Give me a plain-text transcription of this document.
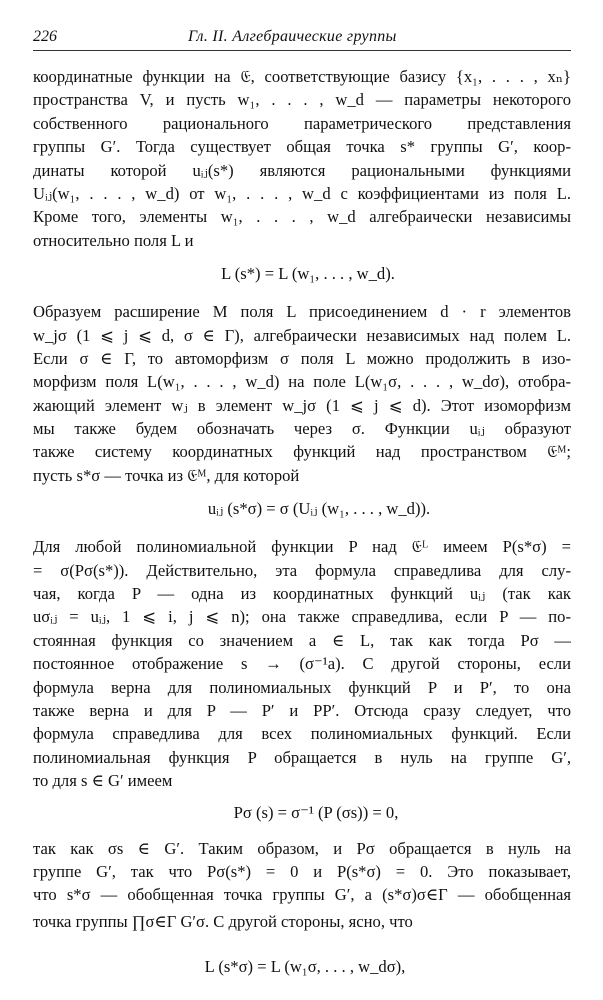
226	Гл. II. Алгебраические группы
координатные функции на 𝔈, соответствующие базису {x₁, . . . , xₙ}
пространства V, и пусть w₁, . . . , w_d — параметры некоторого
собственного рационального параметрического представления
группы G′. Тогда существует общая точка s* группы G′, коор-
динаты которой uᵢⱼ(s*) являются рациональными функциями
Uᵢⱼ(w₁, . . . , w_d) от w₁, . . . , w_d с коэффициентами из поля L.
Кроме того, элементы w₁, . . . , w_d алгебраически независимы
относительно поля L и
L (s*) = L (w₁, . . . , w_d).
Образуем расширение M поля L присоединением d · r элементов
w_jσ (1 ⩽ j ⩽ d, σ ∈ Γ), алгебраически независимых над полем L.
Если σ ∈ Γ, то автоморфизм σ поля L можно продолжить в изо-
морфизм поля L(w₁, . . . , w_d) на поле L(w₁σ, . . . , w_dσ), отобра-
жающий элемент wⱼ в элемент w_jσ (1 ⩽ j ⩽ d). Этот изоморфизм
мы также будем обозначать через σ. Функции uᵢⱼ образуют
также систему координатных функций над пространством 𝔈ᴹ;
пусть s*σ — точка из 𝔈ᴹ, для которой
uᵢⱼ (s*σ) = σ (Uᵢⱼ (w₁, . . . , w_d)).
Для любой полиномиальной функции P над 𝔈ᴸ имеем P(s*σ) =
= σ(Pσ(s*)). Действительно, эта формула справедлива для слу-
чая, когда P — одна из координатных функций uᵢⱼ (так как
uσᵢⱼ = uᵢⱼ, 1 ⩽ i, j ⩽ n); она также справедлива, если P — по-
стоянная функция со значением a ∈ L, так как тогда Pσ —
постоянное отображение s → (σ⁻¹a). С другой стороны, если
формула верна для полиномиальных функций P и P′, то она
также верна и для P — P′ и PP′. Отсюда сразу следует, что
формула справедлива для всех полиномиальных функций. Если
полиномиальная функция P обращается в нуль на группе G′,
то для s ∈ G′ имеем
Pσ (s) = σ⁻¹ (P (σs)) = 0,
так как σs ∈ G′. Таким образом, и Pσ обращается в нуль на
группе G′, так что Pσ(s*) = 0 и P(s*σ) = 0. Это показывает,
что s*σ — обобщенная точка группы G′, а (s*σ)σ∈Γ — обобщенная
точка группы ∏σ∈Γ G′σ. С другой стороны, ясно, что
L (s*σ) = L (w₁σ, . . . , w_dσ),
